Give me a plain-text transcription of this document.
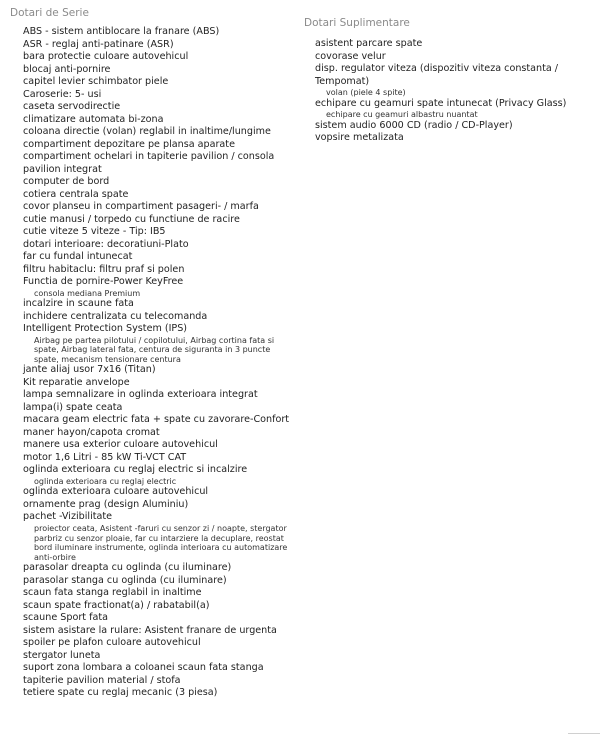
Dotari de Serie
ABS - sistem antiblocare la franare (ABS)
ASR - reglaj anti-patinare (ASR)
bara protectie culoare autovehicul
blocaj anti-pornire
capitel levier schimbator piele
Caroserie: 5- usi
caseta servodirectie
climatizare automata bi-zona
coloana directie (volan) reglabil in inaltime/lungime
compartiment depozitare pe plansa aparate
compartiment ochelari in tapiterie pavilion / consola pavilion integrat
computer de bord
cotiera centrala spate
covor planseu in compartiment pasageri- / marfa
cutie manusi / torpedo cu functiune de racire
cutie viteze 5 viteze - Tip: IB5
dotari interioare: decoratiuni-Plato
far cu fundal intunecat
filtru habitaclu: filtru praf si polen
Functia de pornire-Power KeyFree
consola mediana Premium
incalzire in scaune fata
inchidere centralizata cu telecomanda
Intelligent Protection System (IPS)
Airbag pe partea pilotului / copilotului, Airbag cortina fata si spate, Airbag lateral fata, centura de siguranta in 3 puncte spate, mecanism tensionare centura
jante aliaj usor 7x16 (Titan)
Kit reparatie anvelope
lampa semnalizare in oglinda exterioara integrat
lampa(i) spate ceata
macara geam electric fata + spate cu zavorare-Confort
maner hayon/capota cromat
manere usa exterior culoare autovehicul
motor 1,6 Litri - 85 kW Ti-VCT CAT
oglinda exterioara cu reglaj electric si incalzire
oglinda exterioara cu reglaj electric
oglinda exterioara culoare autovehicul
ornamente prag (design Aluminiu)
pachet -Vizibilitate
proiector ceata, Asistent -faruri cu senzor zi / noapte, stergator parbriz cu senzor ploaie, far cu intarziere la decuplare, reostat bord iluminare instrumente, oglinda interioara cu automatizare anti-orbire
parasolar dreapta cu oglinda (cu iluminare)
parasolar stanga cu oglinda (cu iluminare)
scaun fata stanga reglabil in inaltime
scaun spate fractionat(a) / rabatabil(a)
scaune Sport fata
sistem asistare la rulare: Asistent franare de urgenta
spoiler pe plafon culoare autovehicul
stergator luneta
suport zona lombara a coloanei scaun fata stanga
tapiterie pavilion material / stofa
tetiere spate cu reglaj mecanic (3 piesa)
Dotari Suplimentare
asistent parcare spate
covorase velur
disp. regulator viteza (dispozitiv viteza constanta / Tempomat)
volan (piele 4 spite)
echipare cu geamuri spate intunecat (Privacy Glass)
echipare cu geamuri albastru nuantat
sistem audio 6000 CD (radio / CD-Player)
vopsire metalizata
